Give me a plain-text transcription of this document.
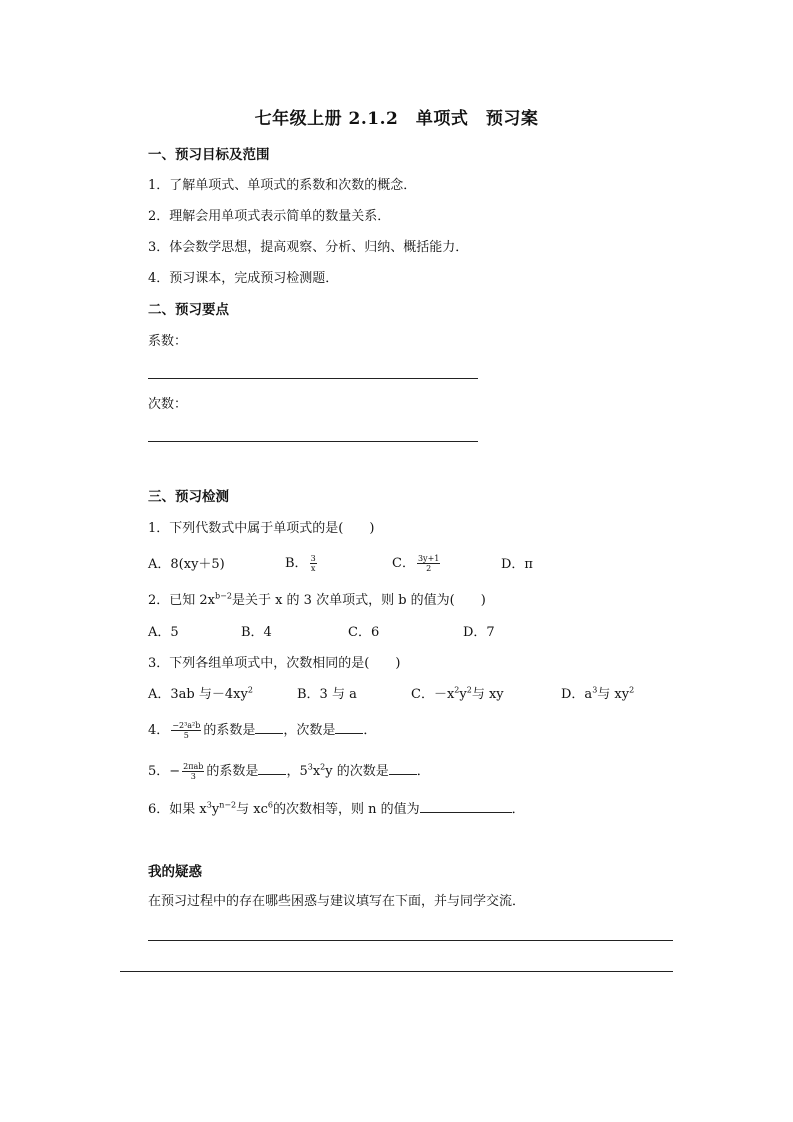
七年级上册 2.1.2　单项式　预习案
一、预习目标及范围
1．了解单项式、单项式的系数和次数的概念．
2．理解会用单项式表示简单的数量关系．
3．体会数学思想，提高观察、分析、归纳、概括能力．
4．预习课本，完成预习检测题．
二、预习要点
系数：
次数：
三、预习检测
1．下列代数式中属于单项式的是(　　)
A．8(xy＋5)	B． $\frac{3}{x}$	C． $\frac{3y+1}{2}$	D．π
2．已知 $2x^{b-2}$是关于 x 的 3 次单项式，则 b 的值为(　　)
A．5	B．4	C．6	D．7
3．下列各组单项式中，次数相同的是(　　)
A．3ab 与$-4xy^2$	B．3 与 a	C．$-x^2y^2$与 xy	D．$a^3$与 $xy^2$
4． $\frac{\text{−2³a²b}}{5}$ 的系数是 ，次数是 ．
5．− $\frac{\text{2πab}}{3}$ 的系数是 ，$5^3x^2y$ 的次数是 ．
6．如果 $x^3y^{n-2}$与 $xc^6$的次数相等，则 n 的值为	．
我的疑惑
在预习过程中的存在哪些困惑与建议填写在下面，并与同学交流．
